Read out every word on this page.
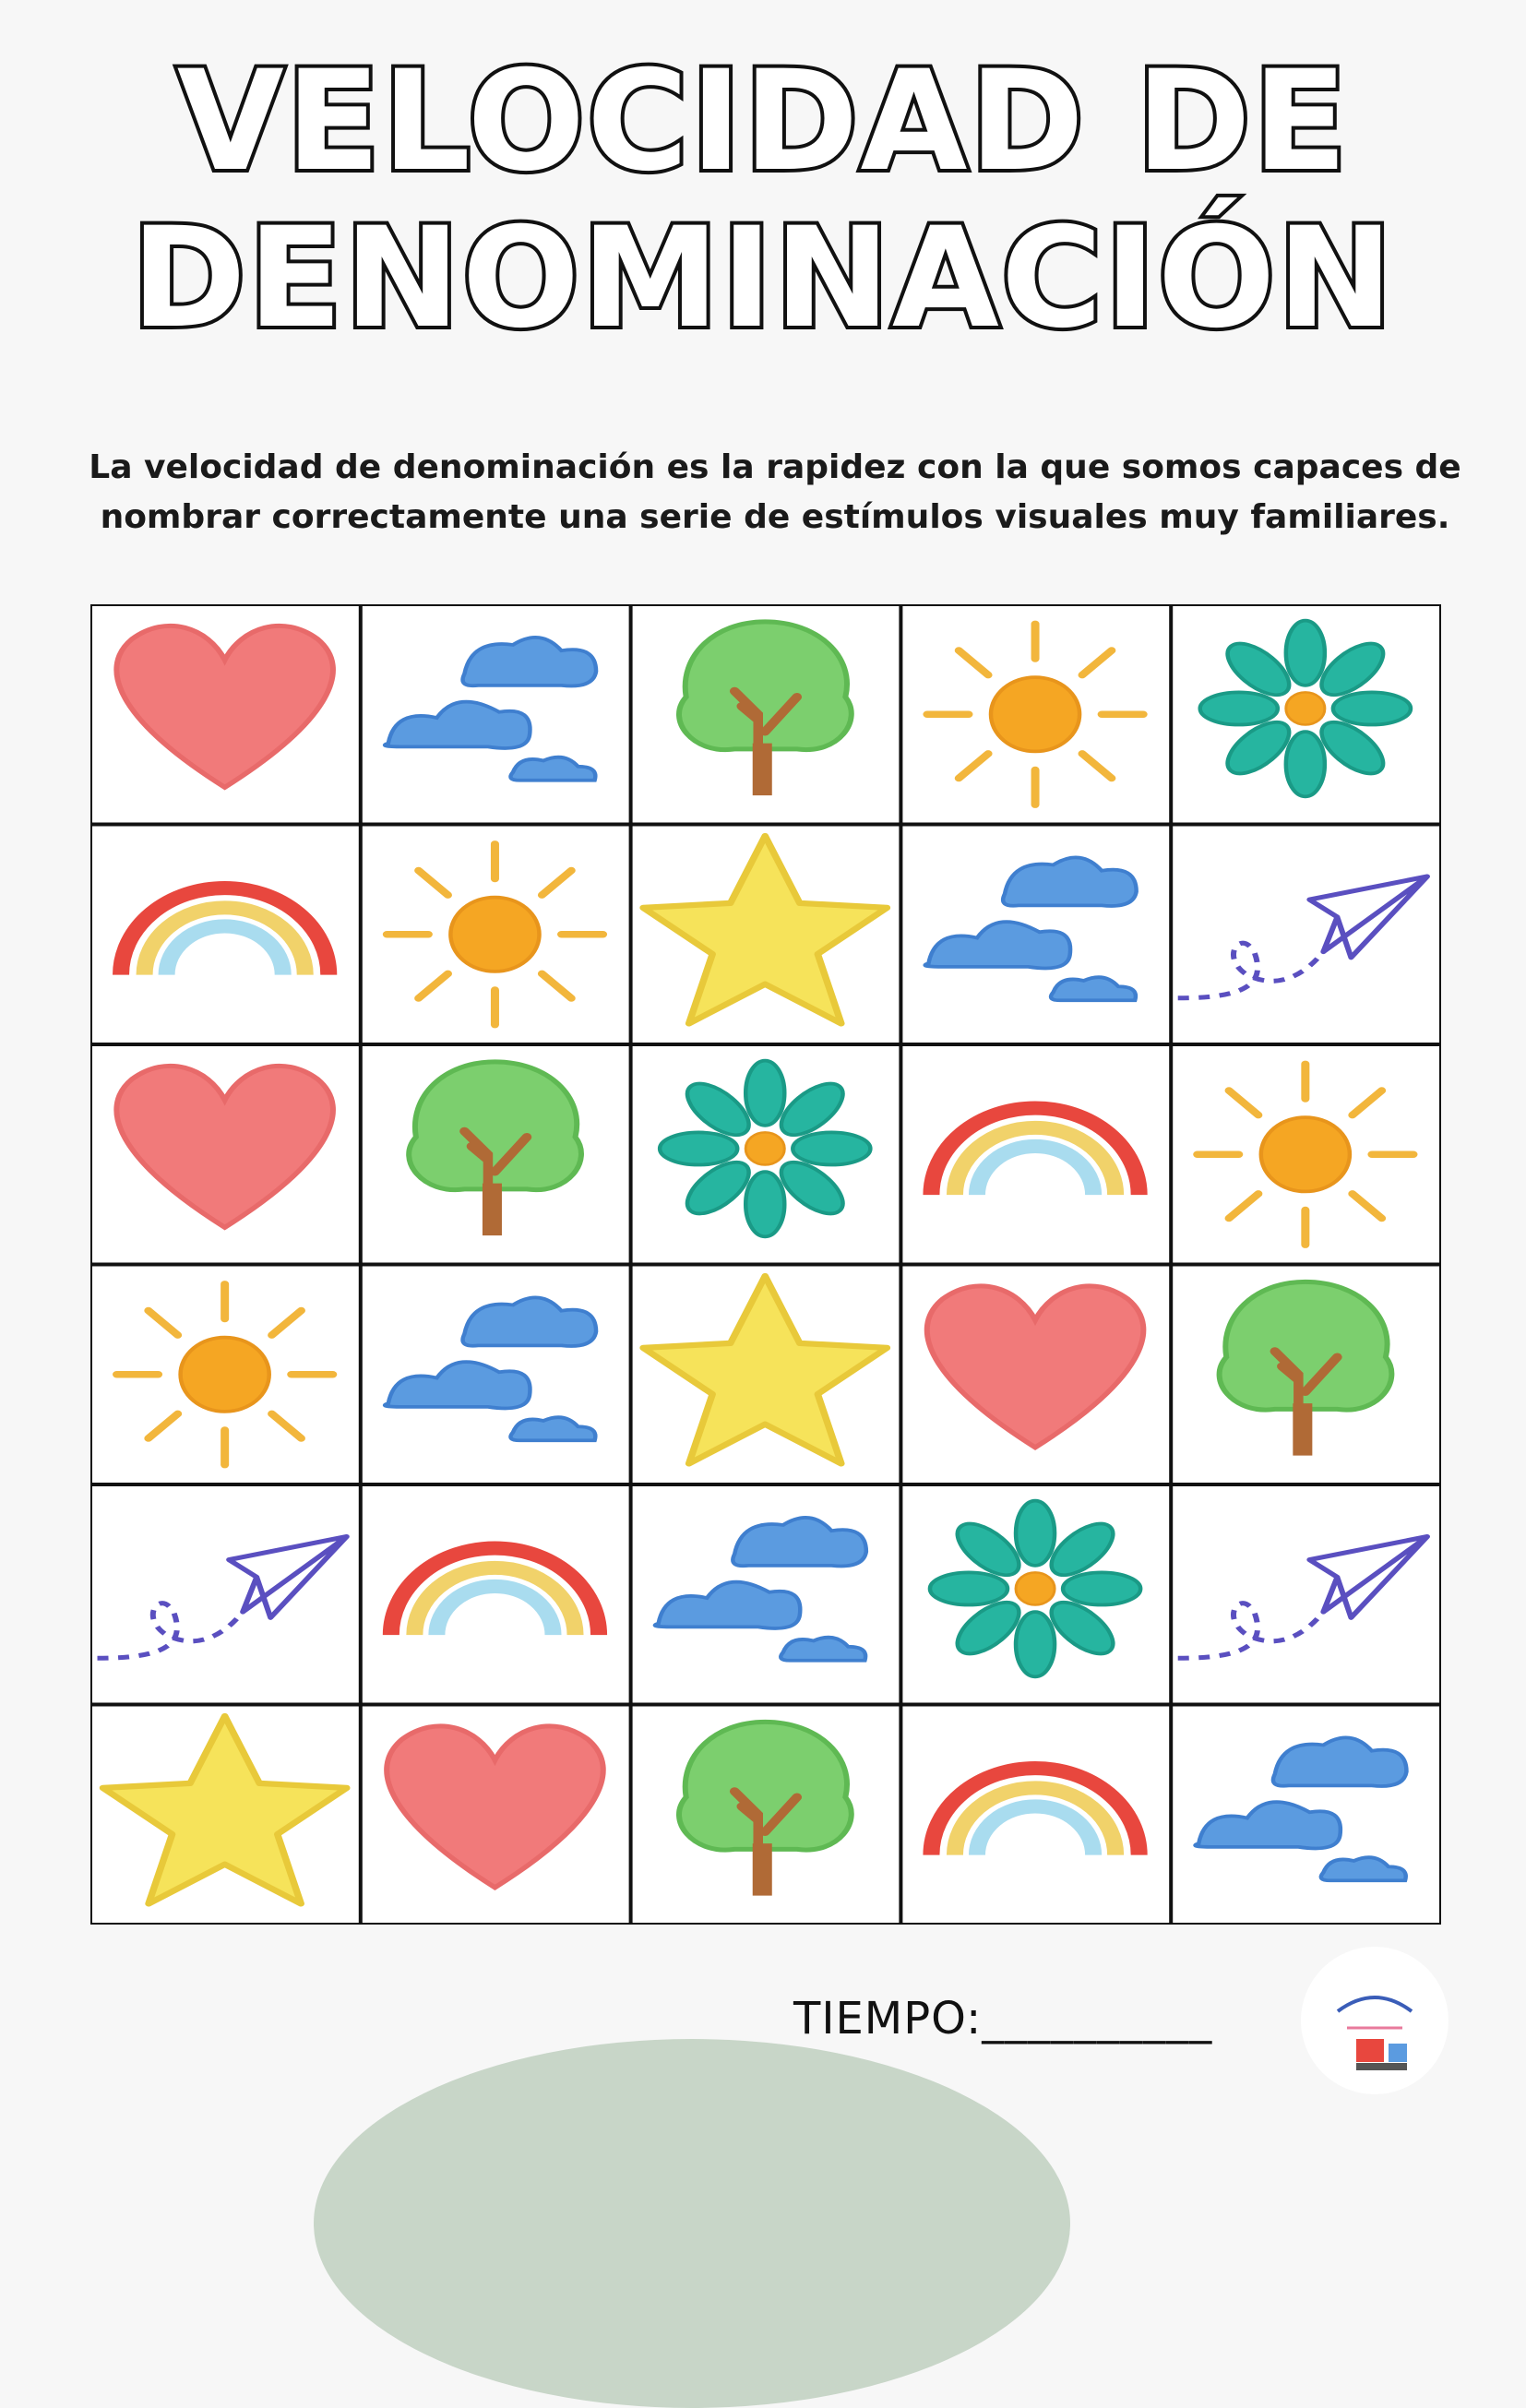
VELOCIDAD DE
DENOMINACIÓN
La velocidad de denominación es la rapidez con la que somos capaces de nombrar correctamente una serie de estímulos visuales muy familiares.
TIEMPO:__________
